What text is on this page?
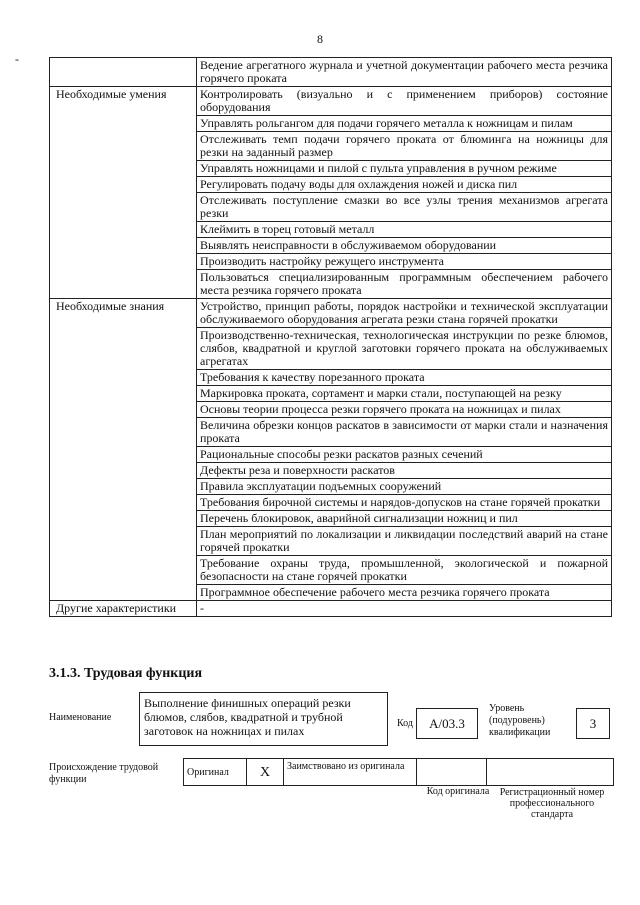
8
-
		Ведение агрегатного журнала и учетной документации рабочего места резчика горячего проката
Необходимые умения	Контролировать (визуально и с применением приборов) состояние оборудования
	Управлять рольгангом для подачи горячего металла к ножницам и пилам
	Отслеживать темп подачи горячего проката от блюминга на ножницы для резки на заданный размер
	Управлять ножницами и пилой с пульта управления в ручном режиме
	Регулировать подачу воды для охлаждения ножей и диска пил
	Отслеживать поступление смазки во все узлы трения механизмов агрегата резки
	Клеймить в торец готовый металл
	Выявлять неисправности в обслуживаемом оборудовании
	Производить настройку режущего инструмента
	Пользоваться специализированным программным обеспечением рабочего места резчика горячего проката
Необходимые знания	Устройство, принцип работы, порядок настройки и технической эксплуатации обслуживаемого оборудования агрегата резки стана горячей прокатки
	Производственно-техническая, технологическая инструкции по резке блюмов, слябов, квадратной и круглой заготовки горячего проката на обслуживаемых агрегатах
	Требования к качеству порезанного проката
	Маркировка проката, сортамент и марки стали, поступающей на резку
	Основы теории процесса резки горячего проката на ножницах и пилах
	Величина обрезки концов раскатов в зависимости от марки стали и назначения проката
	Рациональные способы резки раскатов разных сечений
	Дефекты реза и поверхности раскатов
	Правила эксплуатации подъемных сооружений
	Требования бирочной системы и нарядов-допусков на стане горячей прокатки
	Перечень блокировок, аварийной сигнализации ножниц и пил
	План мероприятий по локализации и ликвидации последствий аварий на стане горячей прокатки
	Требование охраны труда, промышленной, экологической и пожарной безопасности на стане горячей прокатки
	Программное обеспечение рабочего места резчика горячего проката
Другие характеристики	-
3.1.3. Трудовая функция
Наименование
Выполнение финишных операций резки блюмов, слябов, квадратной и трубной заготовок на ножницах и пилах
Код	А/03.3
Уровень (подуровень) квалификации
3
Происхождение трудовой функции
Оригинал	X	Заимствовано из оригинала		
Код оригинала	Регистрационный номер профессионального стандарта
